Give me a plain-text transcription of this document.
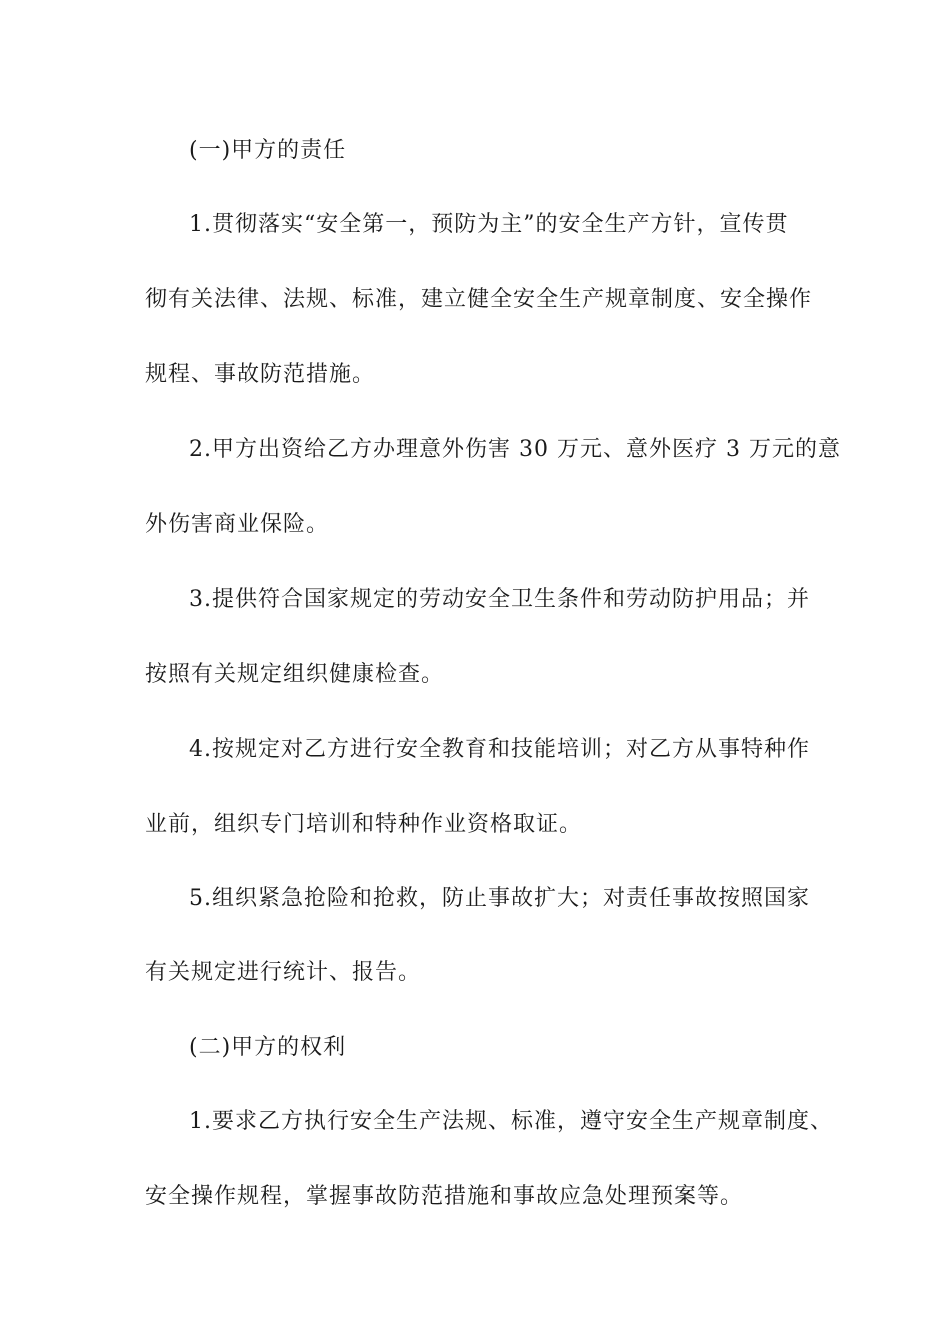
(一)甲方的责任
1.贯彻落实“安全第一，预防为主”的安全生产方针，宣传贯
彻有关法律、法规、标准，建立健全安全生产规章制度、安全操作
规程、事故防范措施。
2.甲方出资给乙方办理意外伤害 30 万元、意外医疗 3 万元的意
外伤害商业保险。
3.提供符合国家规定的劳动安全卫生条件和劳动防护用品；并
按照有关规定组织健康检查。
4.按规定对乙方进行安全教育和技能培训；对乙方从事特种作
业前，组织专门培训和特种作业资格取证。
5.组织紧急抢险和抢救，防止事故扩大；对责任事故按照国家
有关规定进行统计、报告。
(二)甲方的权利
1.要求乙方执行安全生产法规、标准，遵守安全生产规章制度、
安全操作规程，掌握事故防范措施和事故应急处理预案等。
